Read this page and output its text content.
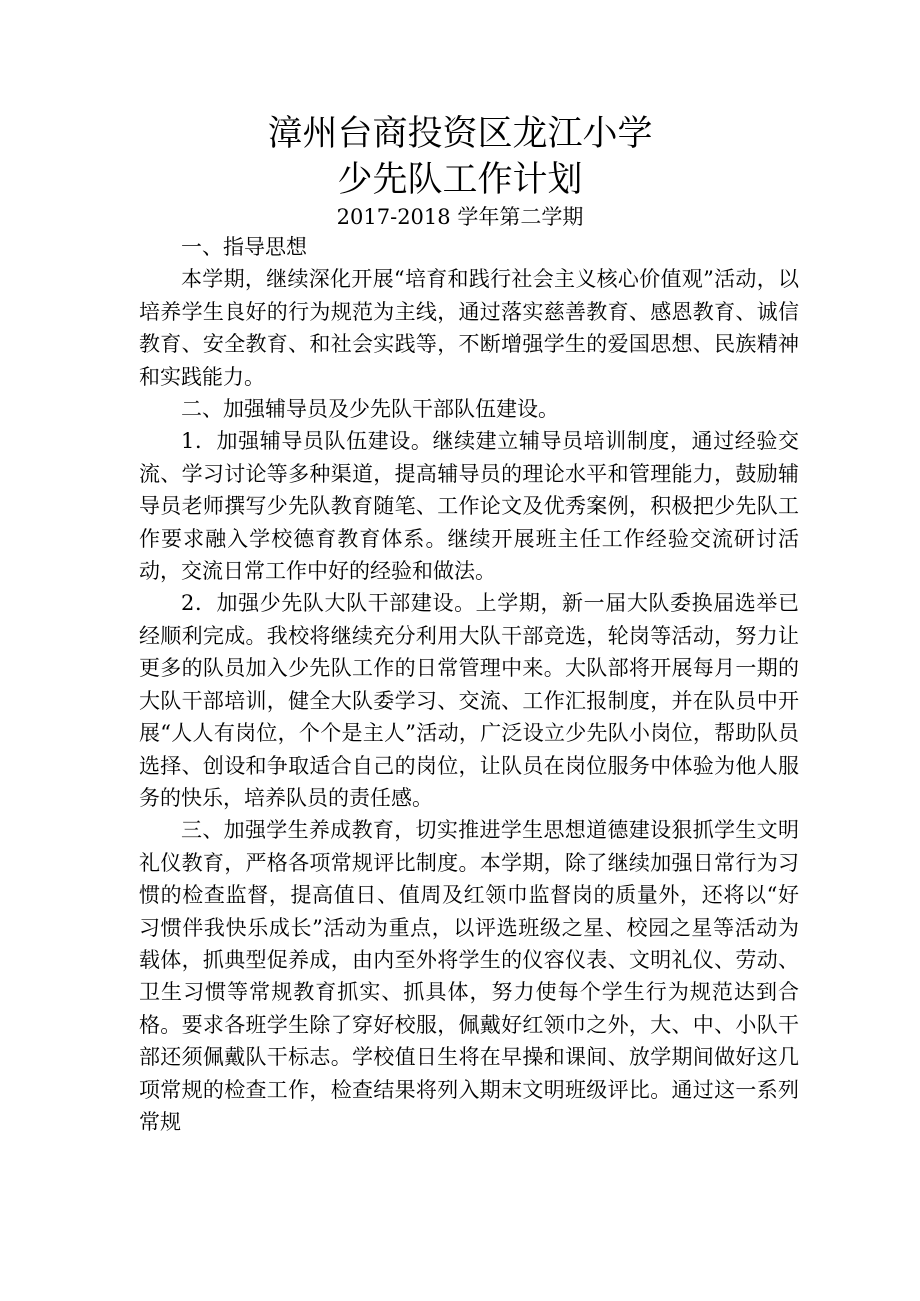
漳州台商投资区龙江小学
少先队工作计划
2017-2018 学年第二学期

一、指导思想

本学期，继续深化开展“培育和践行社会主义核心价值观”活动，以培养学生良好的行为规范为主线，通过落实慈善教育、感恩教育、诚信教育、安全教育、和社会实践等，不断增强学生的爱国思想、民族精神和实践能力。

二、加强辅导员及少先队干部队伍建设。

1．加强辅导员队伍建设。继续建立辅导员培训制度，通过经验交流、学习讨论等多种渠道，提高辅导员的理论水平和管理能力，鼓励辅导员老师撰写少先队教育随笔、工作论文及优秀案例，积极把少先队工作要求融入学校德育教育体系。继续开展班主任工作经验交流研讨活动，交流日常工作中好的经验和做法。

2．加强少先队大队干部建设。上学期，新一届大队委换届选举已经顺利完成。我校将继续充分利用大队干部竞选，轮岗等活动，努力让更多的队员加入少先队工作的日常管理中来。大队部将开展每月一期的大队干部培训，健全大队委学习、交流、工作汇报制度，并在队员中开展“人人有岗位，个个是主人”活动，广泛设立少先队小岗位，帮助队员选择、创设和争取适合自己的岗位，让队员在岗位服务中体验为他人服务的快乐，培养队员的责任感。

三、加强学生养成教育，切实推进学生思想道德建设狠抓学生文明礼仪教育，严格各项常规评比制度。本学期，除了继续加强日常行为习惯的检查监督，提高值日、值周及红领巾监督岗的质量外，还将以“好习惯伴我快乐成长”活动为重点，以评选班级之星、校园之星等活动为载体，抓典型促养成，由内至外将学生的仪容仪表、文明礼仪、劳动、卫生习惯等常规教育抓实、抓具体，努力使每个学生行为规范达到合格。要求各班学生除了穿好校服，佩戴好红领巾之外，大、中、小队干部还须佩戴队干标志。学校值日生将在早操和课间、放学期间做好这几项常规的检查工作，检查结果将列入期末文明班级评比。通过这一系列常规
